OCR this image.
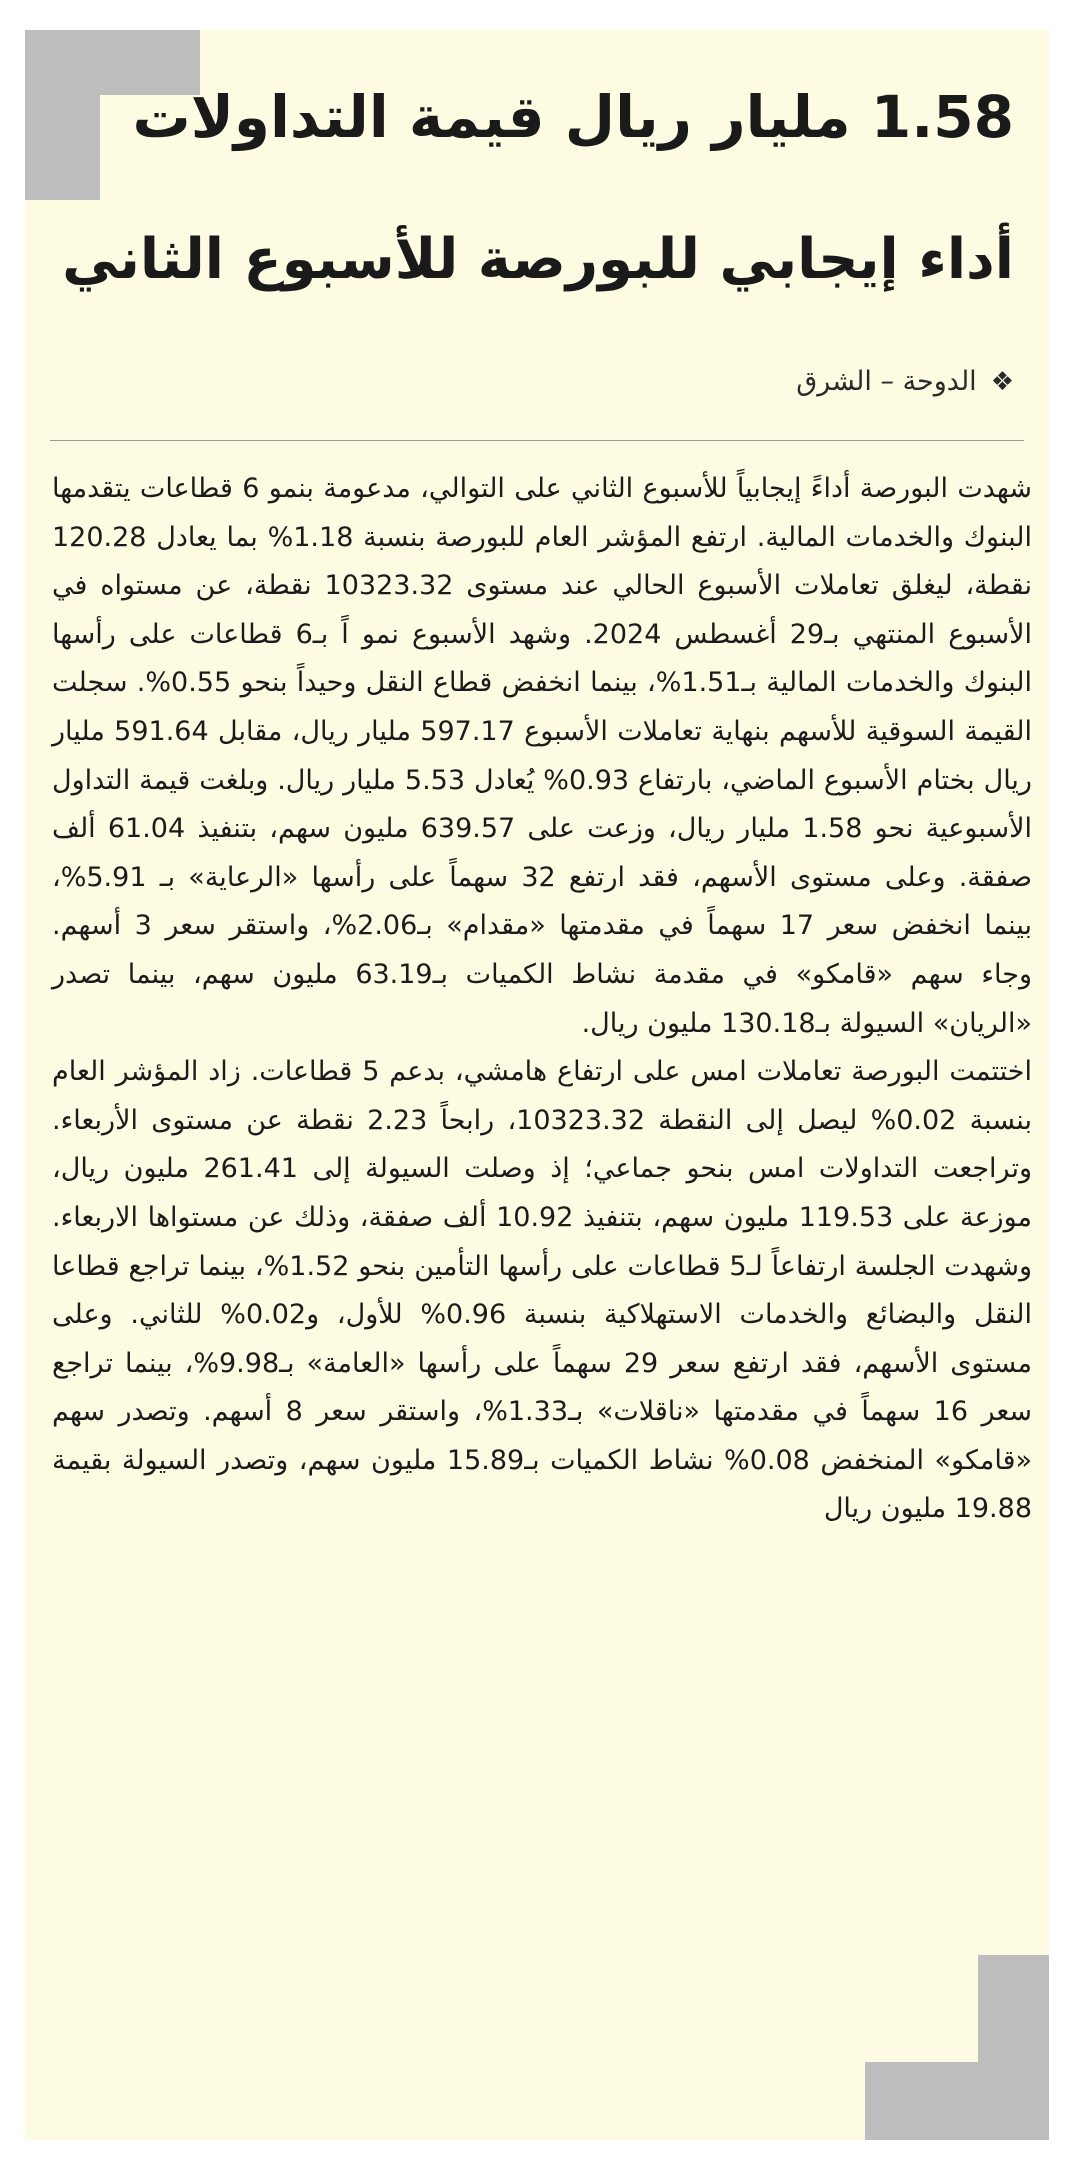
1.58 مليار ريال قيمة التداولات
أداء إيجابي للبورصة للأسبوع الثاني
❖
الدوحة – الشرق

شهدت البورصة أداءً إيجابياً للأسبوع الثاني على التوالي، مدعومة بنمو 6 قطاعات يتقدمها البنوك والخدمات المالية. ارتفع المؤشر العام للبورصة بنسبة 1.18% بما يعادل 120.28 نقطة، ليغلق تعاملات الأسبوع الحالي عند مستوى 10323.32 نقطة، عن مستواه في الأسبوع المنتهي بـ29 أغسطس 2024. وشهد الأسبوع نمو اً بـ6 قطاعات على رأسها البنوك والخدمات المالية بـ1.51%، بينما انخفض قطاع النقل وحيداً بنحو 0.55%. سجلت القيمة السوقية للأسهم بنهاية تعاملات الأسبوع 597.17 مليار ريال، مقابل 591.64 مليار ريال بختام الأسبوع الماضي، بارتفاع 0.93% يُعادل 5.53 مليار ريال. وبلغت قيمة التداول الأسبوعية نحو 1.58 مليار ريال، وزعت على 639.57 مليون سهم، بتنفيذ 61.04 ألف صفقة. وعلى مستوى الأسهم، فقد ارتفع 32 سهماً على رأسها «الرعاية» بـ 5.91%، بينما انخفض سعر 17 سهماً في مقدمتها «مقدام» بـ2.06%، واستقر سعر 3 أسهم. وجاء سهم «قامكو» في مقدمة نشاط الكميات بـ63.19 مليون سهم، بينما تصدر «الريان» السيولة بـ130.18 مليون ريال.

اختتمت البورصة تعاملات امس على ارتفاع هامشي، بدعم 5 قطاعات. زاد المؤشر العام بنسبة 0.02% ليصل إلى النقطة 10323.32، رابحاً 2.23 نقطة عن مستوى الأربعاء. وتراجعت التداولات امس بنحو جماعي؛ إذ وصلت السيولة إلى 261.41 مليون ريال، موزعة على 119.53 مليون سهم، بتنفيذ 10.92 ألف صفقة، وذلك عن مستواها الاربعاء. وشهدت الجلسة ارتفاعاً لـ5 قطاعات على رأسها التأمين بنحو 1.52%، بينما تراجع قطاعا النقل والبضائع والخدمات الاستهلاكية بنسبة 0.96% للأول، و0.02% للثاني. وعلى مستوى الأسهم، فقد ارتفع سعر 29 سهماً على رأسها «العامة» بـ9.98%، بينما تراجع سعر 16 سهماً في مقدمتها «ناقلات» بـ1.33%، واستقر سعر 8 أسهم. وتصدر سهم «قامكو» المنخفض 0.08% نشاط الكميات بـ15.89 مليون سهم، وتصدر السيولة بقيمة 19.88 مليون ريال
